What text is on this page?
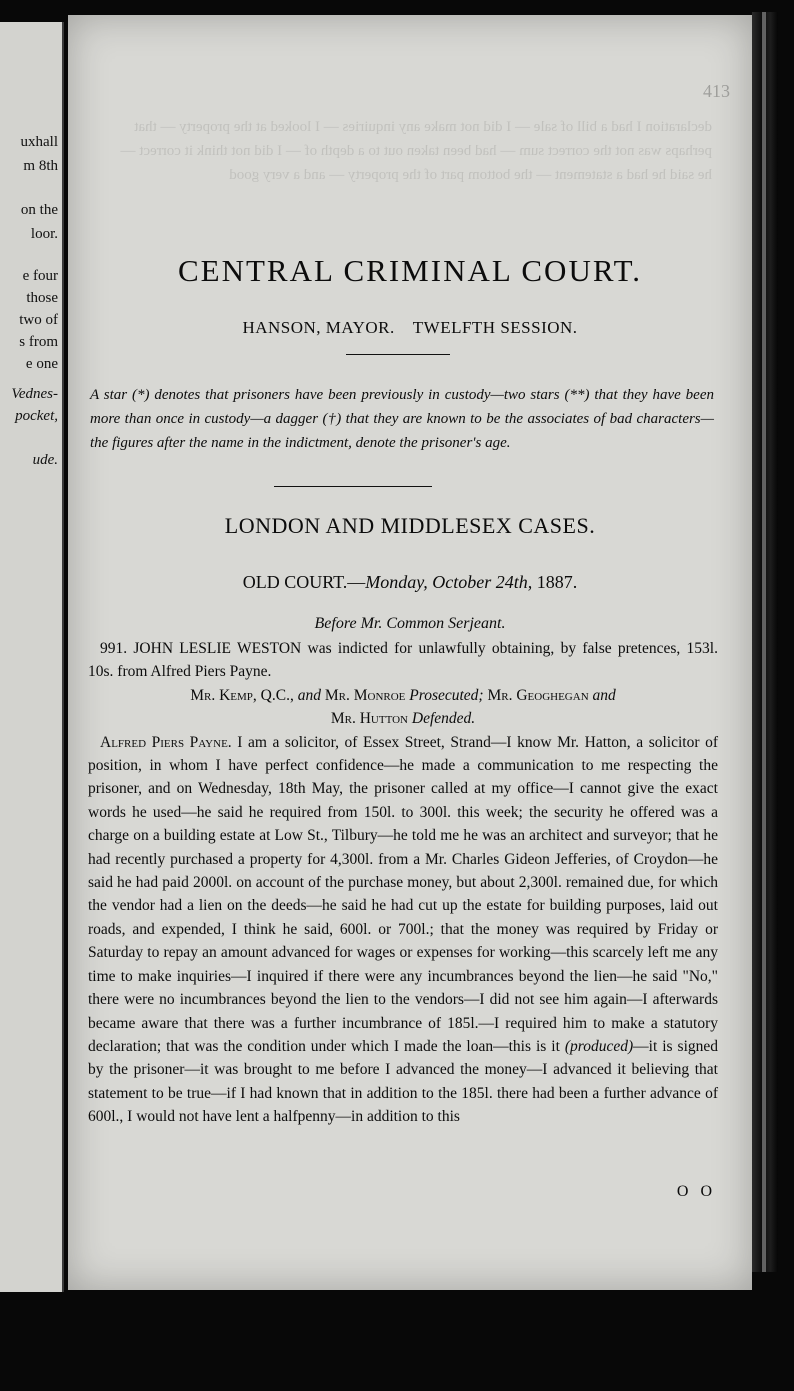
uxhall
m 8th
on the
loor.
e four
those
two of
s from
e one
Vednes-
pocket,
ude.
declaration I had a bill of sale — I did not make any inquiries — I looked at the property — that perhaps was not the correct sum — had been taken out to a depth of — I did not think it correct — he said he had a statement — the bottom part of the property — and a very good
413
CENTRAL CRIMINAL COURT.
HANSON, MAYOR. TWELFTH SESSION.
A star (*) denotes that prisoners have been previously in custody—two stars (**) that they have been more than once in custody—a dagger (†) that they are known to be the associates of bad characters—the figures after the name in the indictment, denote the prisoner's age.
LONDON AND MIDDLESEX CASES.
OLD COURT.—Monday, October 24th, 1887.
Before Mr. Common Serjeant.

991. JOHN LESLIE WESTON was indicted for unlawfully obtaining, by false pretences, 153l. 10s. from Alfred Piers Payne.

Mr. Kemp, Q.C., and Mr. Monroe Prosecuted; Mr. Geoghegan and
Mr. Hutton Defended.

Alfred Piers Payne. I am a solicitor, of Essex Street, Strand—I know Mr. Hatton, a solicitor of position, in whom I have perfect confidence—he made a communication to me respecting the prisoner, and on Wednesday, 18th May, the prisoner called at my office—I cannot give the exact words he used—he said he required from 150l. to 300l. this week; the security he offered was a charge on a building estate at Low St., Tilbury—he told me he was an architect and surveyor; that he had recently purchased a property for 4,300l. from a Mr. Charles Gideon Jefferies, of Croydon—he said he had paid 2000l. on account of the purchase money, but about 2,300l. remained due, for which the vendor had a lien on the deeds—he said he had cut up the estate for building purposes, laid out roads, and expended, I think he said, 600l. or 700l.; that the money was required by Friday or Saturday to repay an amount advanced for wages or expenses for working—this scarcely left me any time to make inquiries—I inquired if there were any incumbrances beyond the lien—he said "No," there were no incumbrances beyond the lien to the vendors—I did not see him again—I afterwards became aware that there was a further incumbrance of 185l.—I required him to make a statutory declaration; that was the condition under which I made the loan—this is it (produced)—it is signed by the prisoner—it was brought to me before I advanced the money—I advanced it believing that statement to be true—if I had known that in addition to the 185l. there had been a further advance of 600l., I would not have lent a halfpenny—in addition to this

O O
